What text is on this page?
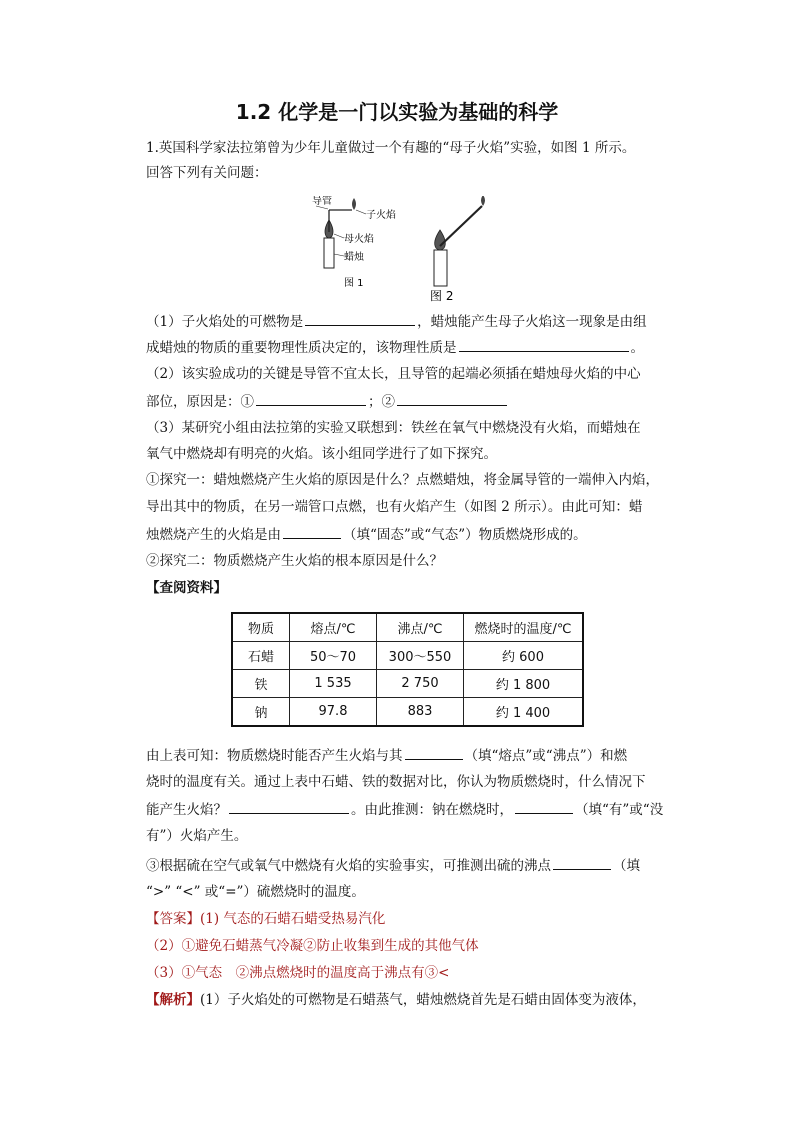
1.2 化学是一门以实验为基础的科学
1.英国科学家法拉第曾为少年儿童做过一个有趣的“母子火焰”实验，如图 1 所示。
回答下列有关问题：
导管
子火焰
母火焰
蜡烛
图 1
图 2
（1）子火焰处的可燃物是	，蜡烛能产生母子火焰这一现象是由组
成蜡烛的物质的重要物理性质决定的，该物理性质是	。
（2）该实验成功的关键是导管不宜太长，且导管的起端必须插在蜡烛母火焰的中心
部位，原因是：①	；②
（3）某研究小组由法拉第的实验又联想到：铁丝在氧气中燃烧没有火焰，而蜡烛在
氧气中燃烧却有明亮的火焰。该小组同学进行了如下探究。
①探究一：蜡烛燃烧产生火焰的原因是什么？点燃蜡烛，将金属导管的一端伸入内焰，
导出其中的物质，在另一端管口点燃，也有火焰产生（如图 2 所示）。由此可知：蜡
烛燃烧产生的火焰是由	（填“固态”或“气态”）物质燃烧形成的。
②探究二：物质燃烧产生火焰的根本原因是什么？
【查阅资料】
物质	熔点/℃	沸点/℃	燃烧时的温度/℃
石蜡	50～70	300～550	约 600
铁	1 535	2 750	约 1 800
钠	97.8	883	约 1 400
由上表可知：物质燃烧时能否产生火焰与其	（填“熔点”或“沸点”）和燃
烧时的温度有关。通过上表中石蜡、铁的数据对比，你认为物质燃烧时，什么情况下
能产生火焰？	。由此推测：钠在燃烧时，	（填“有”或“没
有”）火焰产生。
③根据硫在空气或氧气中燃烧有火焰的实验事实，可推测出硫的沸点	（填
“>” “<” 或“=”）硫燃烧时的温度。
【答案】(1) 气态的石蜡石蜡受热易汽化
（2）①避免石蜡蒸气冷凝②防止收集到生成的其他气体
（3）①气态　②沸点燃烧时的温度高于沸点有③<
【解析】(1）子火焰处的可燃物是石蜡蒸气，蜡烛燃烧首先是石蜡由固体变为液体，
